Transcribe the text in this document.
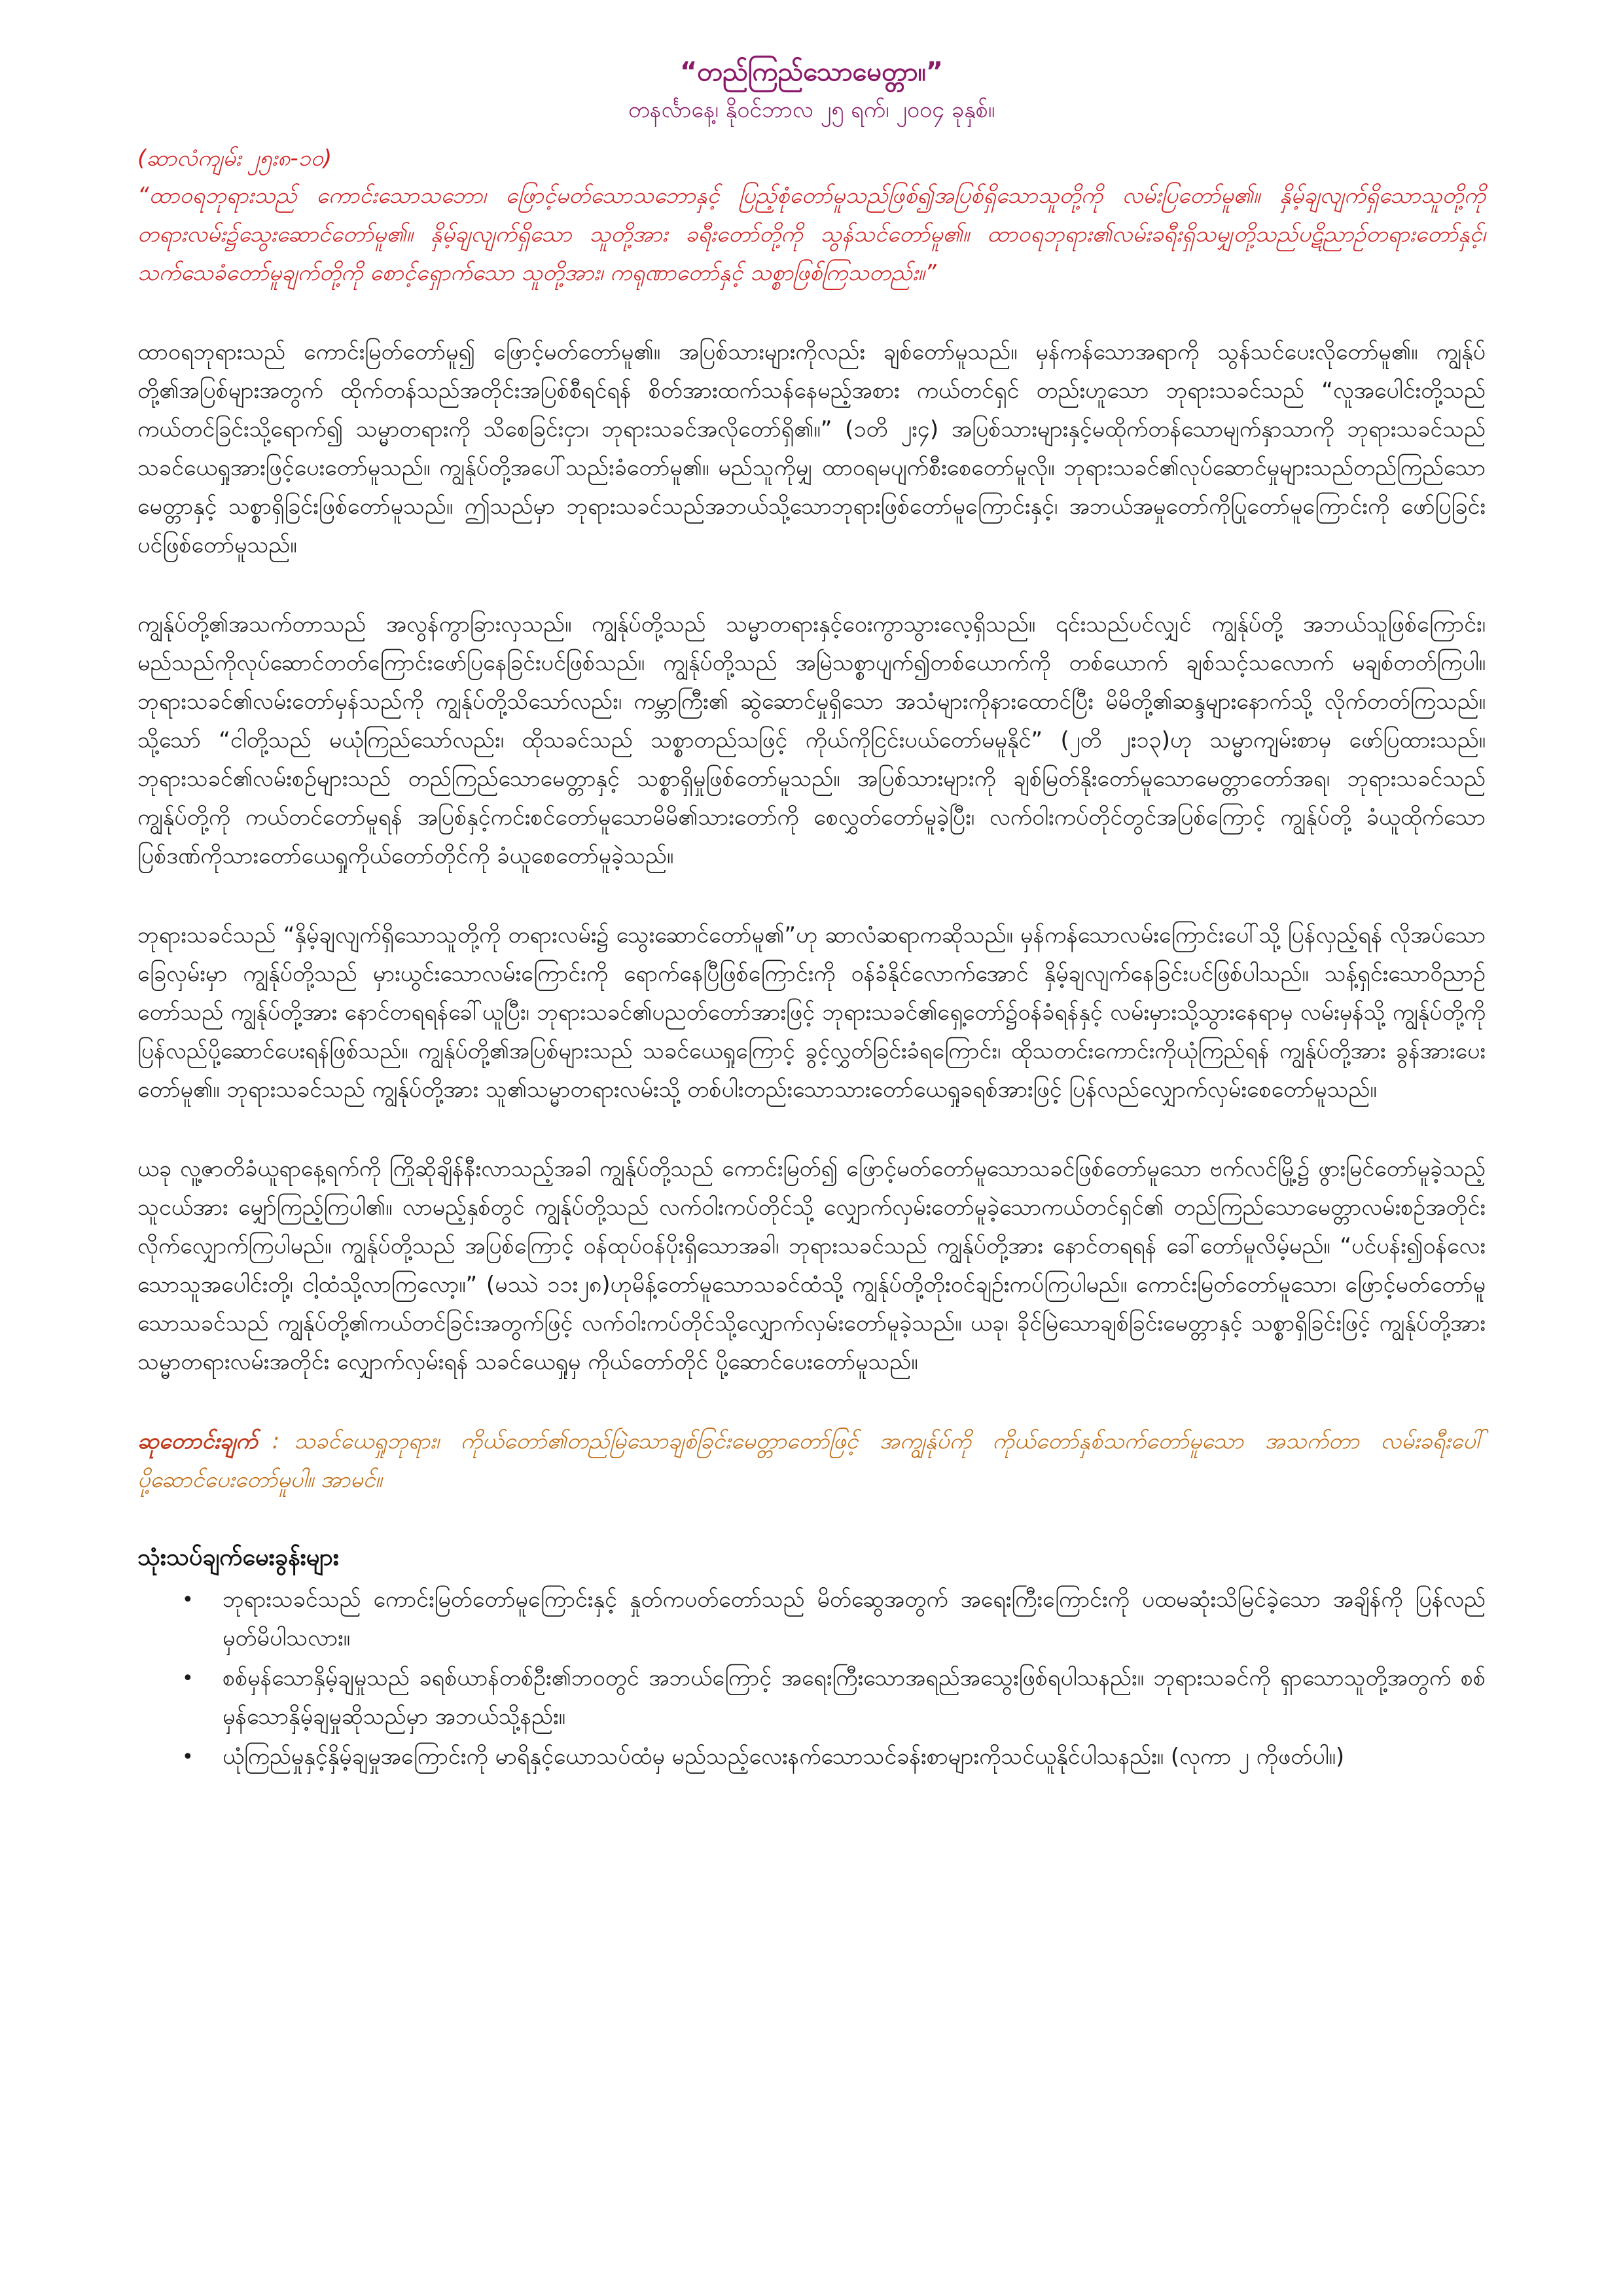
“တည်ကြည်သောမေတ္တာ။”

တနင်္လာနေ့၊ နိုဝင်ဘာလ ၂၅ ရက်၊ ၂၀၀၄ ခုနှစ်။

(ဆာလံကျမ်း ၂၅း၈-၁၀)

“ထာဝရဘုရားသည် ကောင်းသောသဘော၊ ဖြောင့်မတ်သောသဘောနှင့် ပြည့်စုံတော်မူသည်ဖြစ်၍အပြစ်ရှိသောသူတို့ကို လမ်းပြတော်မူ၏။ နှိမ့်ချလျက်ရှိသောသူတို့ကို တရားလမ်း၌သွေးဆောင်တော်မူ၏။ နှိမ့်ချလျက်ရှိသော သူတို့အား ခရီးတော်တို့ကို သွန်သင်တော်မူ၏။ ထာဝရဘုရား၏လမ်းခရီးရှိသမျှတို့သည်ပဋိညာဉ်တရားတော်နှင့်၊ သက်သေခံတော်မူချက်တို့ကို စောင့်ရှောက်သော သူတို့အား၊ ကရုဏာတော်နှင့် သစ္စာဖြစ်ကြသတည်း။”

ထာဝရဘုရားသည် ကောင်းမြတ်တော်မူ၍ ဖြောင့်မတ်တော်မူ၏။ အပြစ်သားများကိုလည်း ချစ်တော်မူသည်။ မှန်ကန်သောအရာကို သွန်သင်ပေးလိုတော်မူ၏။ ကျွန်ုပ်တို့၏အပြစ်များအတွက် ထိုက်တန်သည်အတိုင်းအပြစ်စီရင်ရန် စိတ်အားထက်သန်နေမည့်အစား ကယ်တင်ရှင် တည်းဟူသော ဘုရားသခင်သည် “လူအပေါင်းတို့သည် ကယ်တင်ခြင်းသို့ရောက်၍ သမ္မာတရားကို သိစေခြင်းငှာ၊ ဘုရားသခင်အလိုတော်ရှိ၏။” (၁တိ ၂း၄) အပြစ်သားများနှင့်မထိုက်တန်သောမျက်နှာသာကို ဘုရားသခင်သည် သခင်ယေရှုအားဖြင့်ပေးတော်မူသည်။ ကျွန်ုပ်တို့အပေါ်သည်းခံတော်မူ၏။ မည်သူကိုမျှ ထာဝရမပျက်စီးစေတော်မူလို။ ဘုရားသခင်၏လုပ်ဆောင်မှုများသည်တည်ကြည်သောမေတ္တာနှင့် သစ္စာရှိခြင်းဖြစ်တော်မူသည်။ ဤသည်မှာ ဘုရားသခင်သည်အဘယ်သို့သောဘုရားဖြစ်တော်မူကြောင်းနှင့်၊ အဘယ်အမှုတော်ကိုပြုတော်မူကြောင်းကို ဖော်ပြခြင်းပင်ဖြစ်တော်မူသည်။

ကျွန်ုပ်တို့၏အသက်တာသည် အလွန်ကွာခြားလှသည်။ ကျွန်ုပ်တို့သည် သမ္မာတရားနှင့်ဝေးကွာသွားလေ့ရှိသည်။ ၎င်းသည်ပင်လျှင် ကျွန်ုပ်တို့ အဘယ်သူဖြစ်ကြောင်း၊ မည်သည်ကိုလုပ်ဆောင်တတ်ကြောင်းဖော်ပြနေခြင်းပင်ဖြစ်သည်။ ကျွန်ုပ်တို့သည် အမြဲသစ္စာပျက်၍တစ်ယောက်ကို တစ်ယောက် ချစ်သင့်သလောက် မချစ်တတ်ကြပါ။ ဘုရားသခင်၏လမ်းတော်မှန်သည်ကို ကျွန်ုပ်တို့သိသော်လည်း၊ ကမ္ဘာကြီး၏ ဆွဲဆောင်မှုရှိသော အသံများကိုနားထောင်ပြီး မိမိတို့၏ဆန္ဒများနောက်သို့ လိုက်တတ်ကြသည်။ သို့သော် “ငါတို့သည် မယုံကြည်သော်လည်း၊ ထိုသခင်သည် သစ္စာတည်သဖြင့် ကိုယ်ကိုငြင်းပယ်တော်မမူနိုင်” (၂တိ ၂း၁၃)ဟု သမ္မာကျမ်းစာမှ ဖော်ပြထားသည်။ ဘုရားသခင်၏လမ်းစဉ်များသည် တည်ကြည်သောမေတ္တာနှင့် သစ္စာရှိမှုဖြစ်တော်မူသည်။ အပြစ်သားများကို ချစ်မြတ်နိုးတော်မူသောမေတ္တာတော်အရ၊ ဘုရားသခင်သည် ကျွန်ုပ်တို့ကို ကယ်တင်တော်မူရန် အပြစ်နှင့်ကင်းစင်တော်မူသောမိမိ၏သားတော်ကို စေလွှတ်တော်မူခဲ့ပြီး၊ လက်ဝါးကပ်တိုင်တွင်အပြစ်ကြောင့် ကျွန်ုပ်တို့ ခံယူထိုက်သော ပြစ်ဒဏ်ကိုသားတော်ယေရှုကိုယ်တော်တိုင်ကို ခံယူစေတော်မူခဲ့သည်။

ဘုရားသခင်သည် “နှိမ့်ချလျက်ရှိသောသူတို့ကို တရားလမ်း၌ သွေးဆောင်တော်မူ၏”ဟု ဆာလံဆရာကဆိုသည်။ မှန်ကန်သောလမ်းကြောင်းပေါ်သို့ ပြန်လှည့်ရန် လိုအပ်သောခြေလှမ်းမှာ ကျွန်ုပ်တို့သည် မှားယွင်းသောလမ်းကြောင်းကို ရောက်နေပြီဖြစ်ကြောင်းကို ဝန်ခံနိုင်လောက်အောင် နှိမ့်ချလျက်နေခြင်းပင်ဖြစ်ပါသည်။ သန့်ရှင်းသောဝိညာဉ်တော်သည် ကျွန်ုပ်တို့အား နောင်တရရန်ခေါ်ယူပြီး၊ ဘုရားသခင်၏ပညတ်တော်အားဖြင့် ဘုရားသခင်၏ရှေ့တော်၌ဝန်ခံရန်နှင့် လမ်းမှားသို့သွားနေရာမှ လမ်းမှန်သို့ ကျွန်ုပ်တို့ကို ပြန်လည်ပို့ဆောင်ပေးရန်ဖြစ်သည်။ ကျွန်ုပ်တို့၏အပြစ်များသည် သခင်ယေရှုကြောင့် ခွင့်လွှတ်ခြင်းခံရကြောင်း၊ ထိုသတင်းကောင်းကိုယုံကြည်ရန် ကျွန်ုပ်တို့အား ခွန်အားပေးတော်မူ၏။ ဘုရားသခင်သည် ကျွန်ုပ်တို့အား သူ၏သမ္မာတရားလမ်းသို့ တစ်ပါးတည်းသောသားတော်ယေရှုခရစ်အားဖြင့် ပြန်လည်လျှောက်လှမ်းစေတော်မူသည်။

ယခု လူ့ဇာတိခံယူရာနေ့ရက်ကို ကြိုဆိုချိန်နီးလာသည့်အခါ ကျွန်ုပ်တို့သည် ကောင်းမြတ်၍ ဖြောင့်မတ်တော်မူသောသခင်ဖြစ်တော်မူသော ဗက်လင်မြို့၌ ဖွားမြင်တော်မူခဲ့သည့်သူငယ်အား မျှော်ကြည့်ကြပါ၏။ လာမည့်နှစ်တွင် ကျွန်ုပ်တို့သည် လက်ဝါးကပ်တိုင်သို့ လျှောက်လှမ်းတော်မူခဲ့သောကယ်တင်ရှင်၏ တည်ကြည်သောမေတ္တာလမ်းစဉ်အတိုင်း လိုက်လျှောက်ကြပါမည်။ ကျွန်ုပ်တို့သည် အပြစ်ကြောင့် ဝန်ထုပ်ဝန်ပိုးရှိသောအခါ၊ ဘုရားသခင်သည် ကျွန်ုပ်တို့အား နောင်တရရန် ခေါ်တော်မူလိမ့်မည်။ “ပင်ပန်း၍ဝန်လေးသောသူအပေါင်းတို့၊ ငါ့ထံသို့လာကြလော့။” (မဿဲ ၁၁း၂၈)ဟုမိန့်တော်မူသောသခင်ထံသို့ ကျွန်ုပ်တို့တိုးဝင်ချဉ်းကပ်ကြပါမည်။ ကောင်းမြတ်တော်မူသော၊ ဖြောင့်မတ်တော်မူသောသခင်သည် ကျွန်ုပ်တို့၏ကယ်တင်ခြင်းအတွက်ဖြင့် လက်ဝါးကပ်တိုင်သို့လျှောက်လှမ်းတော်မူခဲ့သည်။ ယခု၊ ခိုင်မြဲသောချစ်ခြင်းမေတ္တာနှင့် သစ္စာရှိခြင်းဖြင့် ကျွန်ုပ်တို့အားသမ္မာတရားလမ်းအတိုင်း လျှောက်လှမ်းရန် သခင်ယေရှုမှ ကိုယ်တော်တိုင် ပို့ဆောင်ပေးတော်မူသည်။

ဆုတောင်းချက် : သခင်ယေရှုဘုရား၊ ကိုယ်တော်၏တည်မြဲသောချစ်ခြင်းမေတ္တာတော်ဖြင့် အကျွန်ုပ်ကို ကိုယ်တော်နှစ်သက်တော်မူသော အသက်တာ လမ်းခရီးပေါ် ပို့ဆောင်ပေးတော်မူပါ။ အာမင်။

သုံးသပ်ချက်မေးခွန်းများ
• ဘုရားသခင်သည် ကောင်းမြတ်တော်မူကြောင်းနှင့် နှုတ်ကပတ်တော်သည် မိတ်ဆွေအတွက် အရေးကြီးကြောင်းကို ပထမဆုံးသိမြင်ခဲ့သော အချိန်ကို ပြန်လည်မှတ်မိပါသလား။
• စစ်မှန်သောနှိမ့်ချမှုသည် ခရစ်ယာန်တစ်ဦး၏ဘဝတွင် အဘယ်ကြောင့် အရေးကြီးသောအရည်အသွေးဖြစ်ရပါသနည်း။ ဘုရားသခင်ကို ရှာသောသူတို့အတွက် စစ်မှန်သောနှိမ့်ချမှုဆိုသည်မှာ အဘယ်သို့နည်း။
• ယုံကြည်မှုနှင့်နှိမ့်ချမှုအကြောင်းကို မာရိနှင့်ယောသပ်ထံမှ မည်သည့်လေးနက်သောသင်ခန်းစာများကိုသင်ယူနိုင်ပါသနည်း။ (လုကာ ၂ ကိုဖတ်ပါ။)
